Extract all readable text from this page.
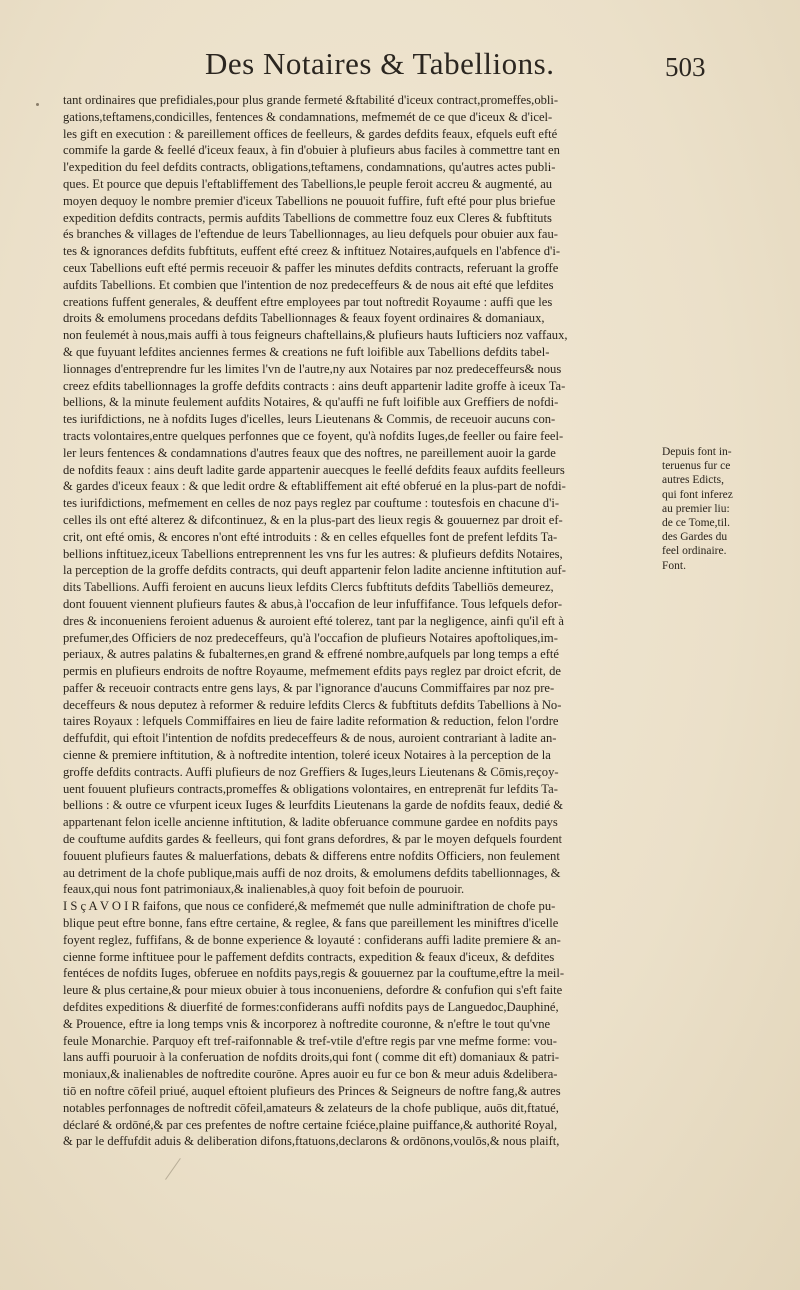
Des Notaires & Tabellions.	503
tant ordinaires que prefidiales,pour plus grande fermeté &ftabilité d'iceux contract,promeffes,obli-
gations,teftamens,condicilles, fentences & condamnations, mefmemét de ce que d'iceux & d'icel-
les gift en execution : & pareillement offices de feelleurs, & gardes defdits feaux, efquels euft efté
commife la garde & feellé d'iceux feaux, à fin d'obuier à plufieurs abus faciles à commettre tant en
l'expedition du feel defdits contracts, obligations,teftamens, condamnations, qu'autres actes publi-
ques. Et pource que depuis l'eftabliffement des Tabellions,le peuple feroit accreu & augmenté, au
moyen dequoy le nombre premier d'iceux Tabellions ne pouuoit fuffire, fuft efté pour plus briefue
expedition defdits contracts, permis aufdits Tabellions de commettre fouz eux Cleres & fubftituts
és branches & villages de l'eftendue de leurs Tabellionnages, au lieu defquels pour obuier aux fau-
tes & ignorances defdits fubftituts, euffent efté creez & inftituez Notaires,aufquels en l'abfence d'i-
ceux Tabellions euft efté permis receuoir & paffer les minutes defdits contracts, referuant la groffe
aufdits Tabellions. Et combien que l'intention de noz predeceffeurs & de nous ait efté que lefdites
creations fuffent generales, & deuffent eftre employees par tout noftredit Royaume : auffi que les
droits & emolumens procedans defdits Tabellionnages & feaux foyent ordinaires & domaniaux,
non feulemét à nous,mais auffi à tous feigneurs chaftellains,& plufieurs hauts Iufticiers noz vaffaux,
& que fuyuant lefdites anciennes fermes & creations ne fuft loifible aux Tabellions defdits tabel-
lionnages d'entreprendre fur les limites l'vn de l'autre,ny aux Notaires par noz predeceffeurs& nous
creez efdits tabellionnages la groffe defdits contracts : ains deuft appartenir ladite groffe à iceux Ta-
bellions, & la minute feulement aufdits Notaires, & qu'auffi ne fuft loifible aux Greffiers de nofdi-
tes iurifdictions, ne à nofdits Iuges d'icelles, leurs Lieutenans & Commis, de receuoir aucuns con-
tracts volontaires,entre quelques perfonnes que ce foyent, qu'à nofdits Iuges,de feeller ou faire feel-
ler leurs fentences & condamnations d'autres feaux que des noftres, ne pareillement auoir la garde
de nofdits feaux : ains deuft ladite garde appartenir auecques le feellé defdits feaux aufdits feelleurs
& gardes d'iceux feaux : & que ledit ordre & eftabliffement ait efté obferué en la plus-part de nofdi-
tes iurifdictions, mefmement en celles de noz pays reglez par couftume : toutesfois en chacune d'i-
celles ils ont efté alterez & difcontinuez, & en la plus-part des lieux regis & gouuernez par droit ef-
crit, ont efté omis, & encores n'ont efté introduits : & en celles efquelles font de prefent lefdits Ta-
bellions inftituez,iceux Tabellions entreprennent les vns fur les autres: & plufieurs defdits Notaires,
la perception de la groffe defdits contracts, qui deuft appartenir felon ladite ancienne inftitution auf-
dits Tabellions. Auffi feroient en aucuns lieux lefdits Clercs fubftituts defdits Tabelliōs demeurez,
dont fouuent viennent plufieurs fautes & abus,à l'occafion de leur infuffifance. Tous lefquels defor-
dres & inconueniens feroient aduenus & auroient efté tolerez, tant par la negligence, ainfi qu'il eft à
prefumer,des Officiers de noz predeceffeurs, qu'à l'occafion de plufieurs Notaires apoftoliques,im-
periaux, & autres palatins & fubalternes,en grand & effrené nombre,aufquels par long temps a efté
permis en plufieurs endroits de noftre Royaume, mefmement efdits pays reglez par droict efcrit, de
paffer & receuoir contracts entre gens lays, & par l'ignorance d'aucuns Commiffaires par noz pre-
deceffeurs & nous deputez à reformer & reduire lefdits Clercs & fubftituts defdits Tabellions à No-
taires Royaux : lefquels Commiffaires en lieu de faire ladite reformation & reduction, felon l'ordre
deffufdit, qui eftoit l'intention de nofdits predeceffeurs & de nous, auroient contrariant à ladite an-
cienne & premiere inftitution, & à noftredite intention, toleré iceux Notaires à la perception de la
groffe defdits contracts. Auffi plufieurs de noz Greffiers & Iuges,leurs Lieutenans & Cōmis,reçoy-
uent fouuent plufieurs contracts,promeffes & obligations volontaires, en entreprenāt fur lefdits Ta-
bellions : & outre ce vfurpent iceux Iuges & leurfdits Lieutenans la garde de nofdits feaux, dedié &
appartenant felon icelle ancienne inftitution, & ladite obferuance commune gardee en nofdits pays
de couftume aufdits gardes & feelleurs, qui font grans defordres, & par le moyen defquels fourdent
fouuent plufieurs fautes & maluerfations, debats & differens entre nofdits Officiers, non feulement
au detriment de la chofe publique,mais auffi de noz droits, & emolumens defdits tabellionnages, &
feaux,qui nous font patrimoniaux,& inalienables,à quoy foit befoin de pouruoir.
I S ç A V O I R faifons, que nous ce confideré,& mefmemét que nulle adminiftration de chofe pu-
blique peut eftre bonne, fans eftre certaine, & reglee, & fans que pareillement les miniftres d'icelle
foyent reglez, fuffifans, & de bonne experience & loyauté : confiderans auffi ladite premiere & an-
cienne forme inftituee pour le paffement defdits contracts, expedition & feaux d'iceux, & defdites
fentéces de nofdits Iuges, obferuee en nofdits pays,regis & gouuernez par la couftume,eftre la meil-
leure & plus certaine,& pour mieux obuier à tous inconueniens, defordre & confufion qui s'eft faite
defdites expeditions & diuerfité de formes:confiderans auffi nofdits pays de Languedoc,Dauphiné,
& Prouence, eftre ia long temps vnis & incorporez à noftredite couronne, & n'eftre le tout qu'vne
feule Monarchie. Parquoy eft tref-raifonnable & tref-vtile d'eftre regis par vne mefme forme: vou-
lans auffi pouruoir à la conferuation de nofdits droits,qui font ( comme dit eft) domaniaux & patri-
moniaux,& inalienables de noftredite courōne. Apres auoir eu fur ce bon & meur aduis &delibera-
tiō en noftre cōfeil priué, auquel eftoient plufieurs des Princes & Seigneurs de noftre fang,& autres
notables perfonnages de noftredit cōfeil,amateurs & zelateurs de la chofe publique, auōs dit,ftatué,
déclaré & ordōné,& par ces prefentes de noftre certaine fciéce,plaine puiffance,& authorité Royal,
& par le deffufdit aduis & deliberation difons,ftatuons,declarons & ordōnons,voulōs,& nous plaift,
Depuis font in-
teruenus fur ce
autres Edicts,
qui font inferez
au premier liu:
de ce Tome,til.
des Gardes du
feel ordinaire.
Font.
